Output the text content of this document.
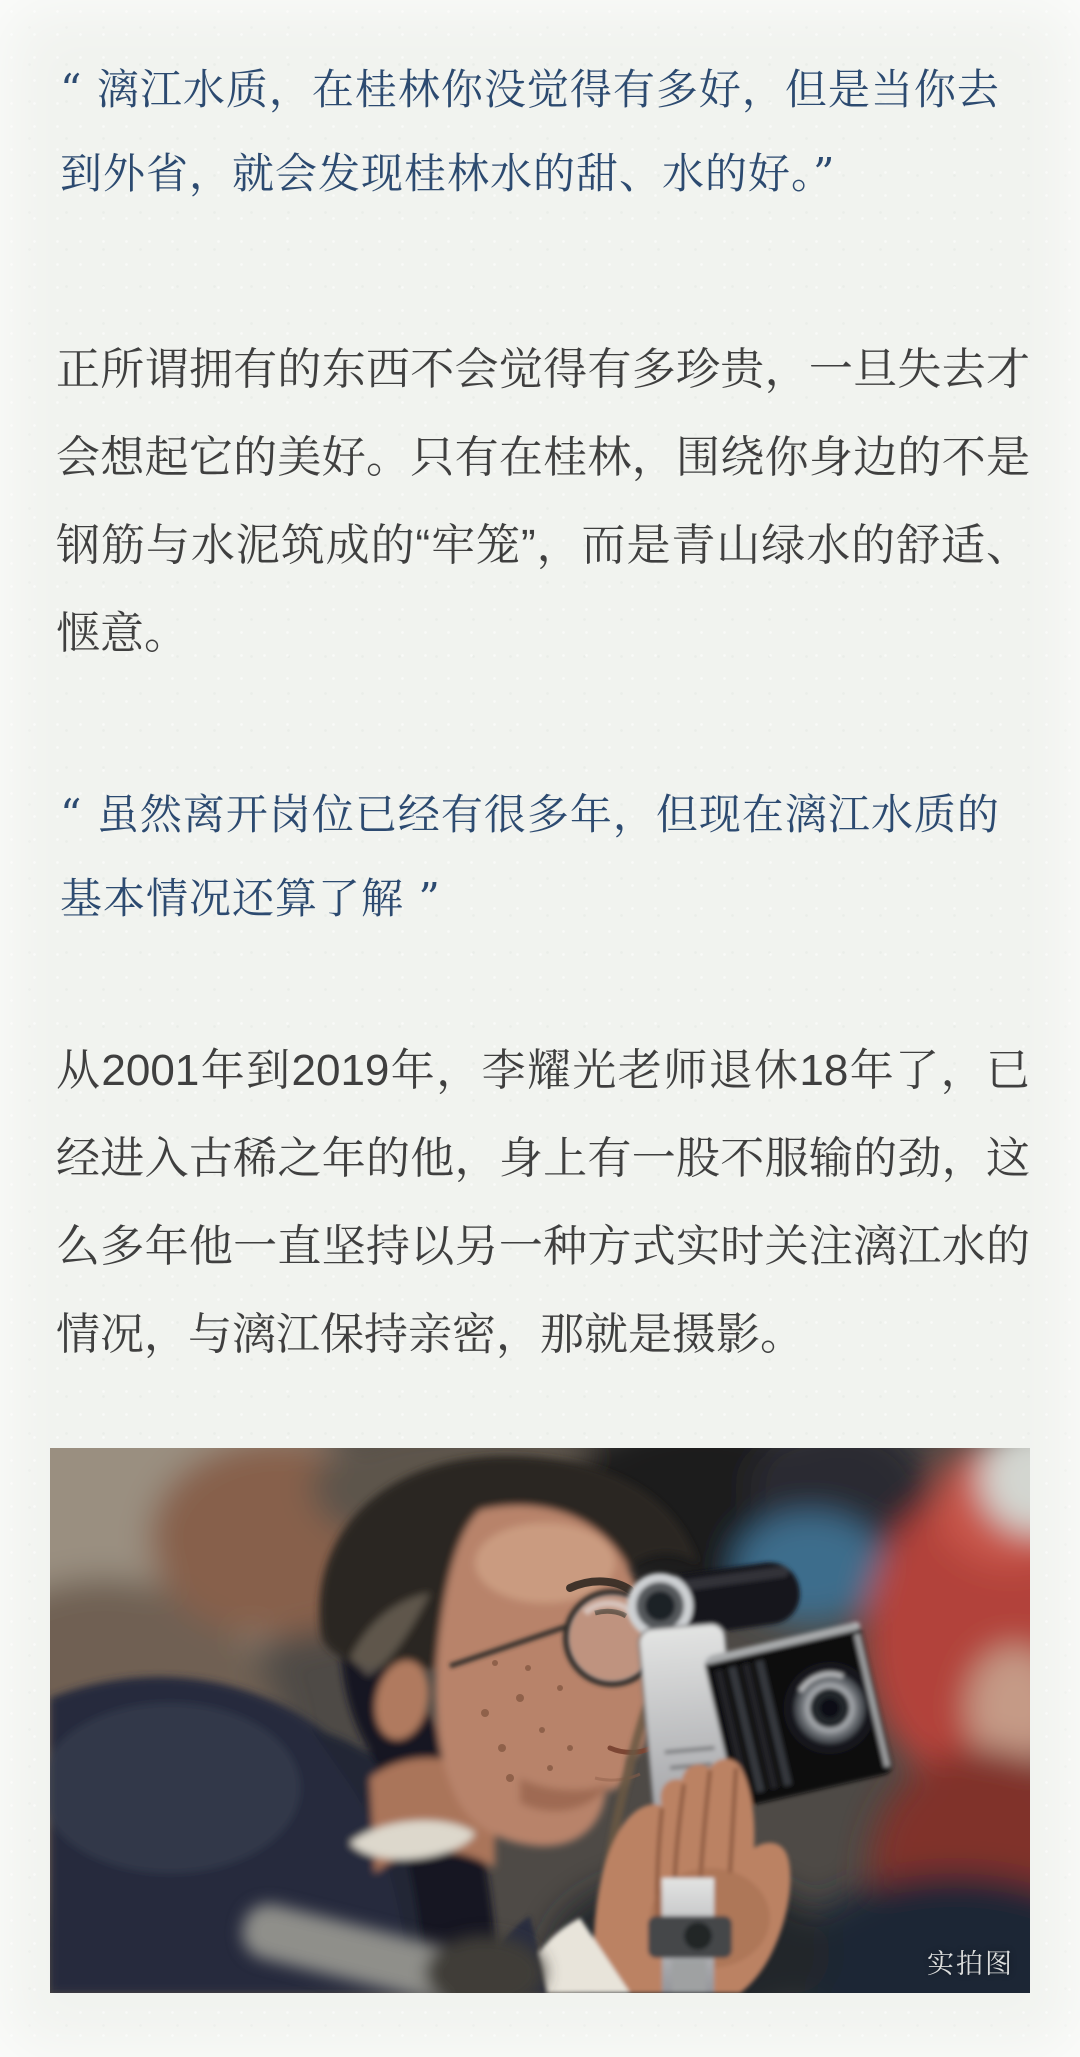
“ 漓江水质，在桂林你没觉得有多好，但是当你去到外省，就会发现桂林水的甜、水的好。”

正所谓拥有的东西不会觉得有多珍贵，一旦失去才会想起它的美好。只有在桂林，围绕你身边的不是钢筋与水泥筑成的“牢笼”，而是青山绿水的舒适、惬意。

“ 虽然离开岗位已经有很多年，但现在漓江水质的基本情况还算了解 ”

从2001年到2019年，李耀光老师退休18年了，已经进入古稀之年的他，身上有一股不服输的劲，这么多年他一直坚持以另一种方式实时关注漓江水的情况，与漓江保持亲密，那就是摄影。

实拍图
